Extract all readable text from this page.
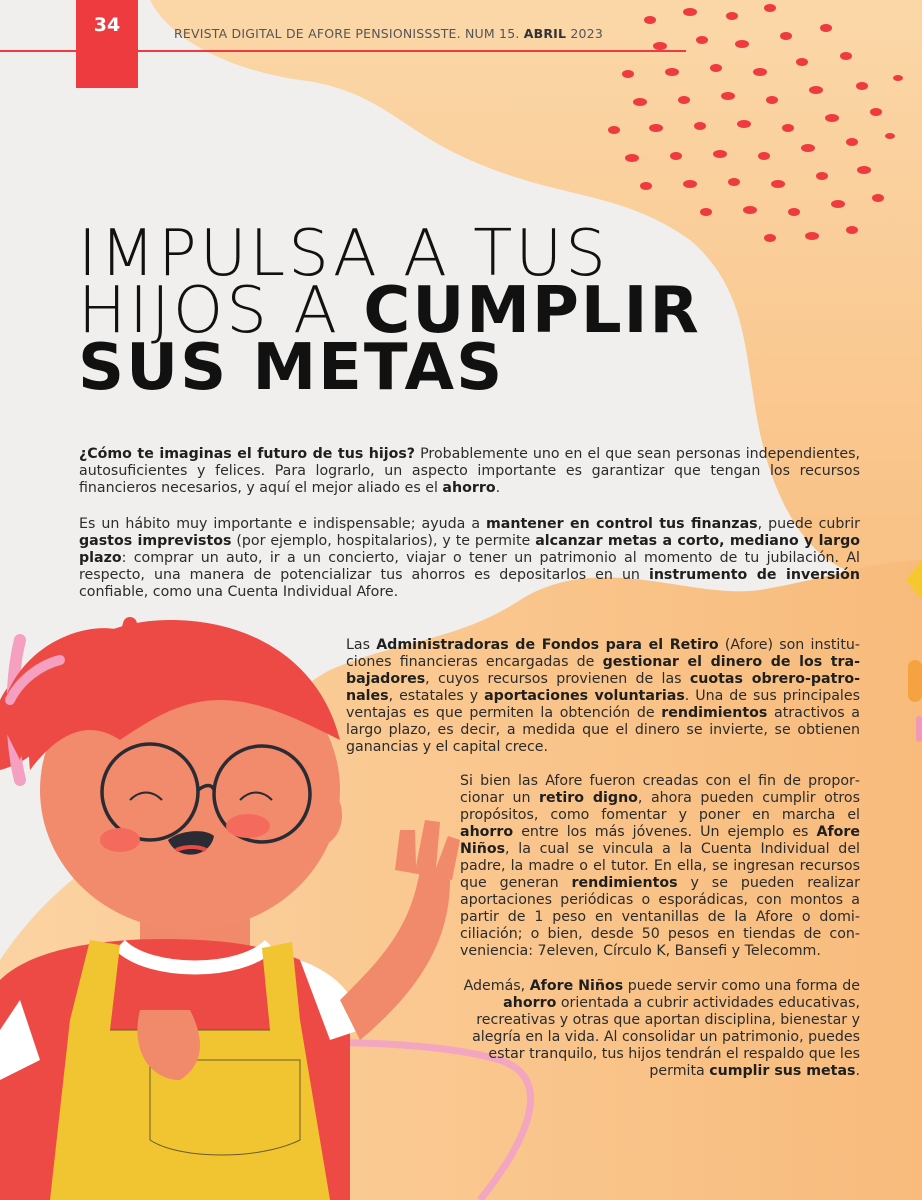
34	REVISTA DIGITAL DE AFORE PENSIONISSSTE. NUM 15. ABRIL 2023
IMPULSA A TUS
HIJOS A CUMPLIR
SUS METAS

¿Cómo te imaginas el futuro de tus hijos? Probablemente uno en el que sean personas independientes, autosuficientes y felices. Para lograrlo, un aspecto importante es garantizar que tengan los recursos financieros necesarios, y aquí el mejor aliado es el ahorro.

Es un hábito muy importante e indispensable; ayuda a mantener en control tus finanzas, puede cubrir gastos imprevistos (por ejemplo, hospitalarios), y te permite alcanzar metas a corto, mediano y largo plazo: comprar un auto, ir a un concierto, viajar o tener un patrimonio al momento de tu jubilación. Al respecto, una manera de potencializar tus ahorros es depositarlos en un instrumento de inversión confiable, como una Cuenta Individual Afore.

Las Administradoras de Fondos para el Retiro (Afore) son instituciones financieras encargadas de gestionar el dinero de los trabajadores, cuyos recursos provienen de las cuotas obrero-patronales, estatales y aportaciones voluntarias. Una de sus principales ventajas es que permiten la obtención de rendimientos atractivos a largo plazo, es decir, a medida que el dinero se invierte, se obtienen ganancias y el capital crece.

Si bien las Afore fueron creadas con el fin de proporcionar un retiro digno, ahora pueden cumplir otros propósitos, como fomentar y poner en marcha el ahorro entre los más jóvenes. Un ejemplo es Afore Niños, la cual se vincula a la Cuenta Individual del padre, la madre o el tutor. En ella, se ingresan recursos que generan rendimientos y se pueden realizar aportaciones periódicas o esporádicas, con montos a partir de 1 peso en ventanillas de la Afore o domiciliación; o bien, desde 50 pesos en tiendas de conveniencia: 7eleven, Círculo K, Bansefi y Telecomm.

Además, Afore Niños puede servir como una forma de ahorro orientada a cubrir actividades educativas, recreativas y otras que aportan disciplina, bienestar y alegría en la vida. Al consolidar un patrimonio, puedes estar tranquilo, tus hijos tendrán el respaldo que les permita cumplir sus metas.
